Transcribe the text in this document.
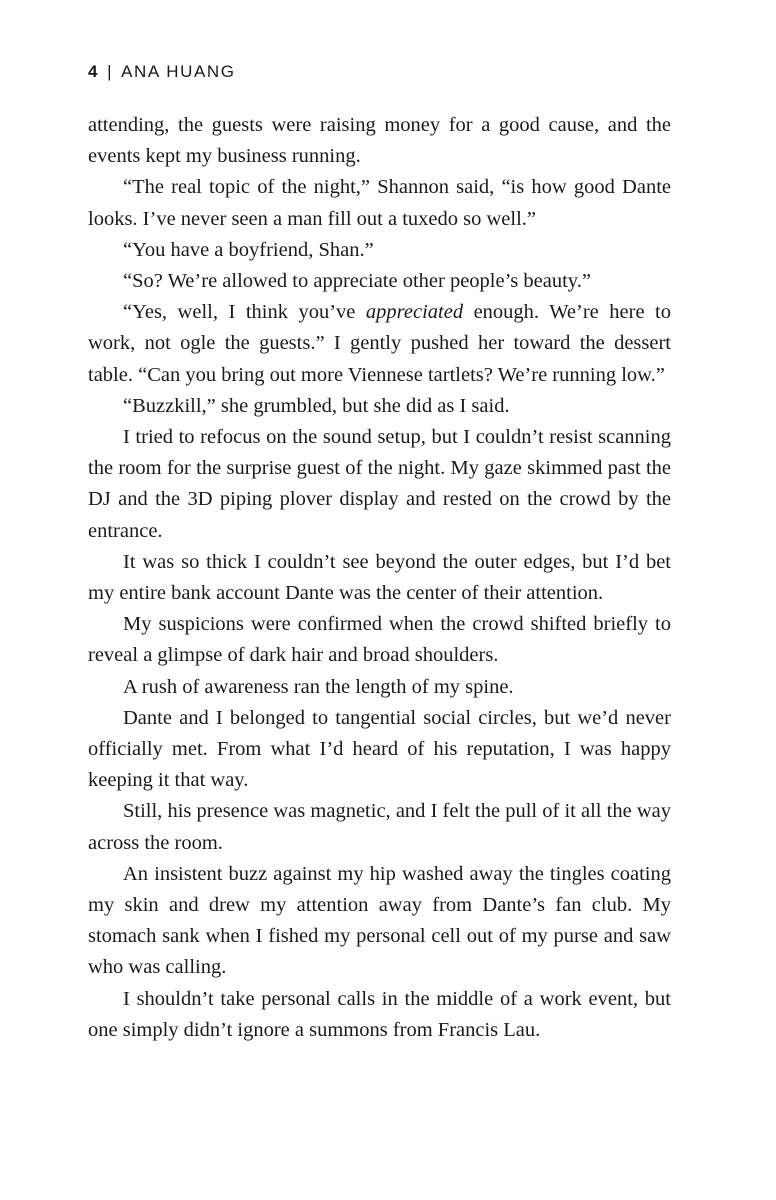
4 | ANA HUANG

attending, the guests were raising money for a good cause, and the events kept my business running.

“The real topic of the night,” Shannon said, “is how good Dante looks. I’ve never seen a man fill out a tuxedo so well.”

“You have a boyfriend, Shan.”

“So? We’re allowed to appreciate other people’s beauty.”

“Yes, well, I think you’ve appreciated enough. We’re here to work, not ogle the guests.” I gently pushed her toward the dessert table. “Can you bring out more Viennese tartlets? We’re running low.”

“Buzzkill,” she grumbled, but she did as I said.

I tried to refocus on the sound setup, but I couldn’t resist scanning the room for the surprise guest of the night. My gaze skimmed past the DJ and the 3D piping plover display and rested on the crowd by the entrance.

It was so thick I couldn’t see beyond the outer edges, but I’d bet my entire bank account Dante was the center of their attention.

My suspicions were confirmed when the crowd shifted briefly to reveal a glimpse of dark hair and broad shoulders.

A rush of awareness ran the length of my spine.

Dante and I belonged to tangential social circles, but we’d never officially met. From what I’d heard of his reputation, I was happy keeping it that way.

Still, his presence was magnetic, and I felt the pull of it all the way across the room.

An insistent buzz against my hip washed away the tingles coating my skin and drew my attention away from Dante’s fan club. My stomach sank when I fished my personal cell out of my purse and saw who was calling.

I shouldn’t take personal calls in the middle of a work event, but one simply didn’t ignore a summons from Francis Lau.
